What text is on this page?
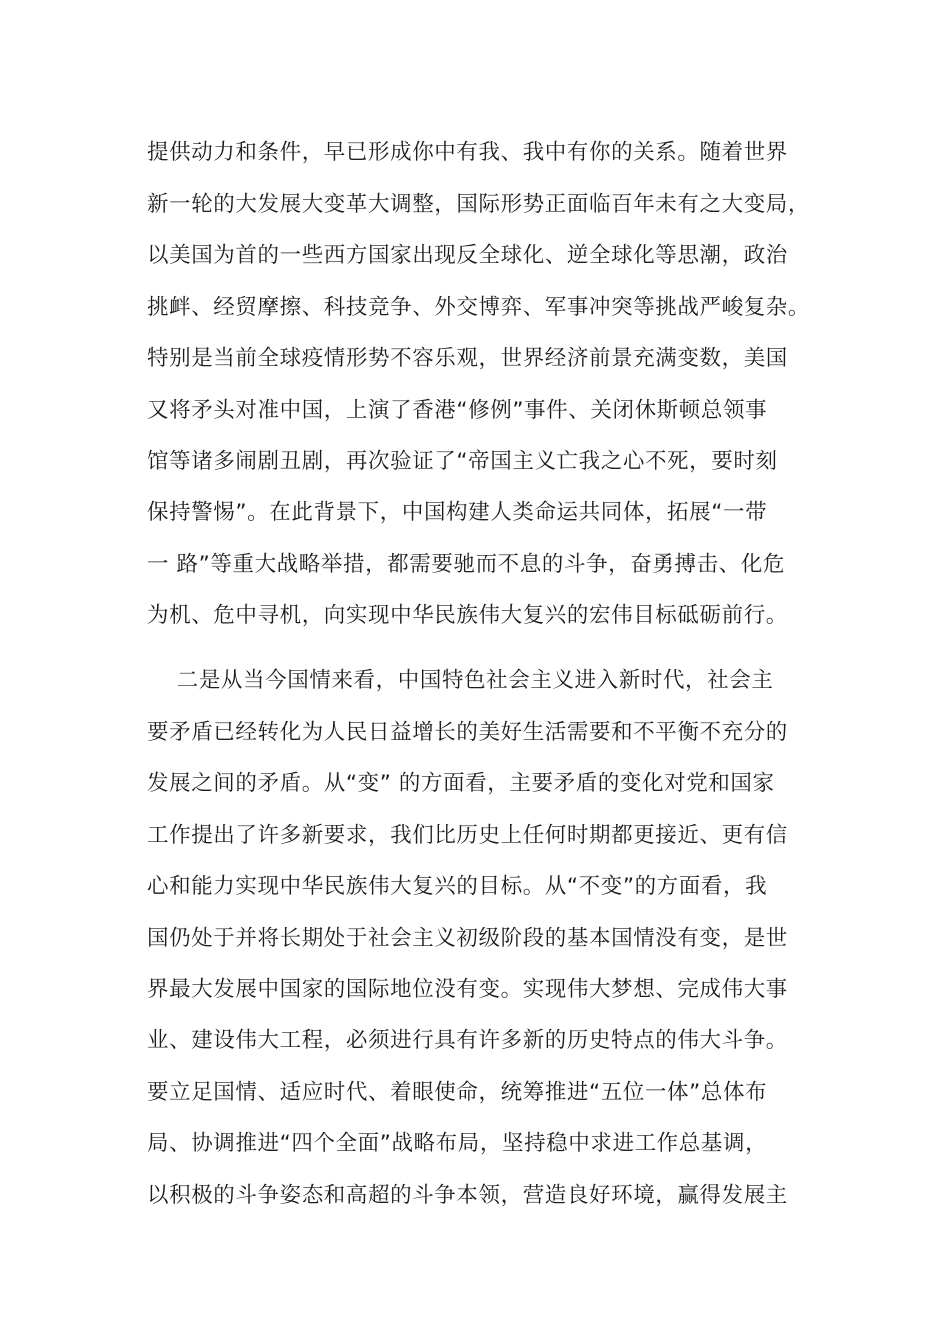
提供动力和条件，早已形成你中有我、我中有你的关系。随着世界
新一轮的大发展大变革大调整，国际形势正面临百年未有之大变局，
以美国为首的一些西方国家出现反全球化、逆全球化等思潮，政治
挑衅、经贸摩擦、科技竞争、外交博弈、军事冲突等挑战严峻复杂。
特别是当前全球疫情形势不容乐观，世界经济前景充满变数，美国
又将矛头对准中国，上演了香港“修例”事件、关闭休斯顿总领事
馆等诸多闹剧丑剧，再次验证了“帝国主义亡我之心不死，要时刻
保持警惕”。在此背景下，中国构建人类命运共同体，拓展“一带
一 路”等重大战略举措，都需要驰而不息的斗争，奋勇搏击、化危
为机、危中寻机，向实现中华民族伟大复兴的宏伟目标砥砺前行。
二是从当今国情来看，中国特色社会主义进入新时代，社会主
要矛盾已经转化为人民日益增长的美好生活需要和不平衡不充分的
发展之间的矛盾。从“变” 的方面看，主要矛盾的变化对党和国家
工作提出了许多新要求，我们比历史上任何时期都更接近、更有信
心和能力实现中华民族伟大复兴的目标。从“不变”的方面看，我
国仍处于并将长期处于社会主义初级阶段的基本国情没有变，是世
界最大发展中国家的国际地位没有变。实现伟大梦想、完成伟大事
业、建设伟大工程，必须进行具有许多新的历史特点的伟大斗争。
要立足国情、适应时代、着眼使命，统筹推进“五位一体”总体布
局、协调推进“四个全面”战略布局，坚持稳中求进工作总基调，
以积极的斗争姿态和高超的斗争本领，营造良好环境，赢得发展主
